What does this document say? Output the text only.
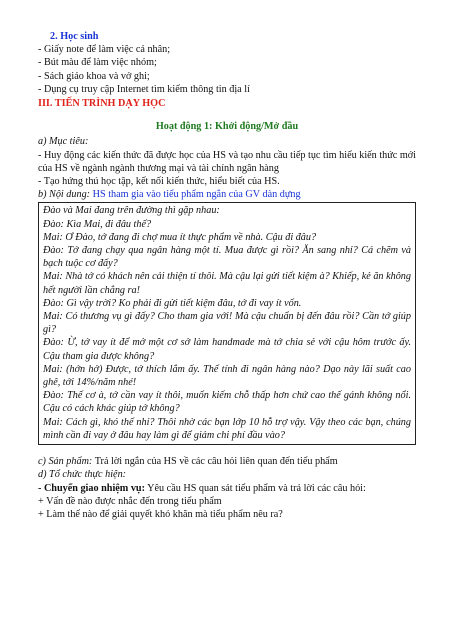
2. Học sinh

- Giấy note để làm việc cá nhân;

- Bút màu để làm việc nhóm;

- Sách giáo khoa và vở ghi;

- Dụng cụ truy cập Internet tìm kiếm thông tin địa lí

III. TIẾN TRÌNH DẠY HỌC

Hoạt động 1: Khởi động/Mở đầu

a) Mục tiêu:

- Huy động các kiến thức đã được học của HS và tạo nhu cầu tiếp tục tìm hiểu kiến thức mới của HS về ngành ngành thương mại và tài chính ngân hàng

- Tạo hứng thú học tập, kết nối kiến thức, hiểu biết của HS.

b) Nội dung: HS tham gia vào tiểu phẩm ngắn của GV dàn dựng

Đào và Mai đang trên đường thì gặp nhau:

Đào: Kìa Mai, đi đâu thế?

Mai: Ơ Đào, tớ đang đi chợ mua ít thực phẩm về nhà. Cậu đi đâu?

Đào: Tớ đang chạy qua ngân hàng một tí. Mua được gì rồi? Ăn sang nhỉ? Cá chẽm và bạch tuộc cơ đấy?

Mai: Nhà tớ có khách nên cải thiện tí thôi. Mà cậu lại gửi tiết kiệm à? Khiếp, kẻ ăn không hết người lần chẳng ra!

Đào: Gì vậy trời? Ko phải đi gửi tiết kiệm đâu, tớ đi vay ít vốn.

Mai: Có thương vụ gì đấy? Cho tham gia với! Mà cậu chuẩn bị đến đâu rồi? Cần tớ giúp gì?

Đào: Ừ, tớ vay ít để mở một cơ sở làm handmade mà tớ chia sẻ với cậu hôm trước ấy. Cậu tham gia được không?

Mai: (hớn hở) Được, tớ thích lắm ấy. Thế tính đi ngân hàng nào? Dạo này lãi suất cao ghê, tới 14%/năm nhé!

Đào: Thế cơ à, tớ cần vay ít thôi, muốn kiếm chỗ thấp hơn chứ cao thế gánh không nổi. Cậu có cách khác giúp tớ không?

Mai: Cách gì, khó thế nhỉ? Thôi nhờ các bạn lớp 10 hỗ trợ vậy. Vậy theo các bạn, chúng mình cần đi vay ở đâu hay làm gì để giảm chi phí đầu vào?

c) Sản phẩm: Trả lời ngắn của HS về các câu hỏi liên quan đến tiểu phẩm

d) Tổ chức thực hiện:

- Chuyển giao nhiệm vụ: Yêu cầu HS quan sát tiểu phẩm và trả lời các câu hỏi:

+ Vấn đề nào được nhắc đến trong tiểu phẩm

+ Làm thế nào để giải quyết khó khăn mà tiểu phẩm nêu ra?
